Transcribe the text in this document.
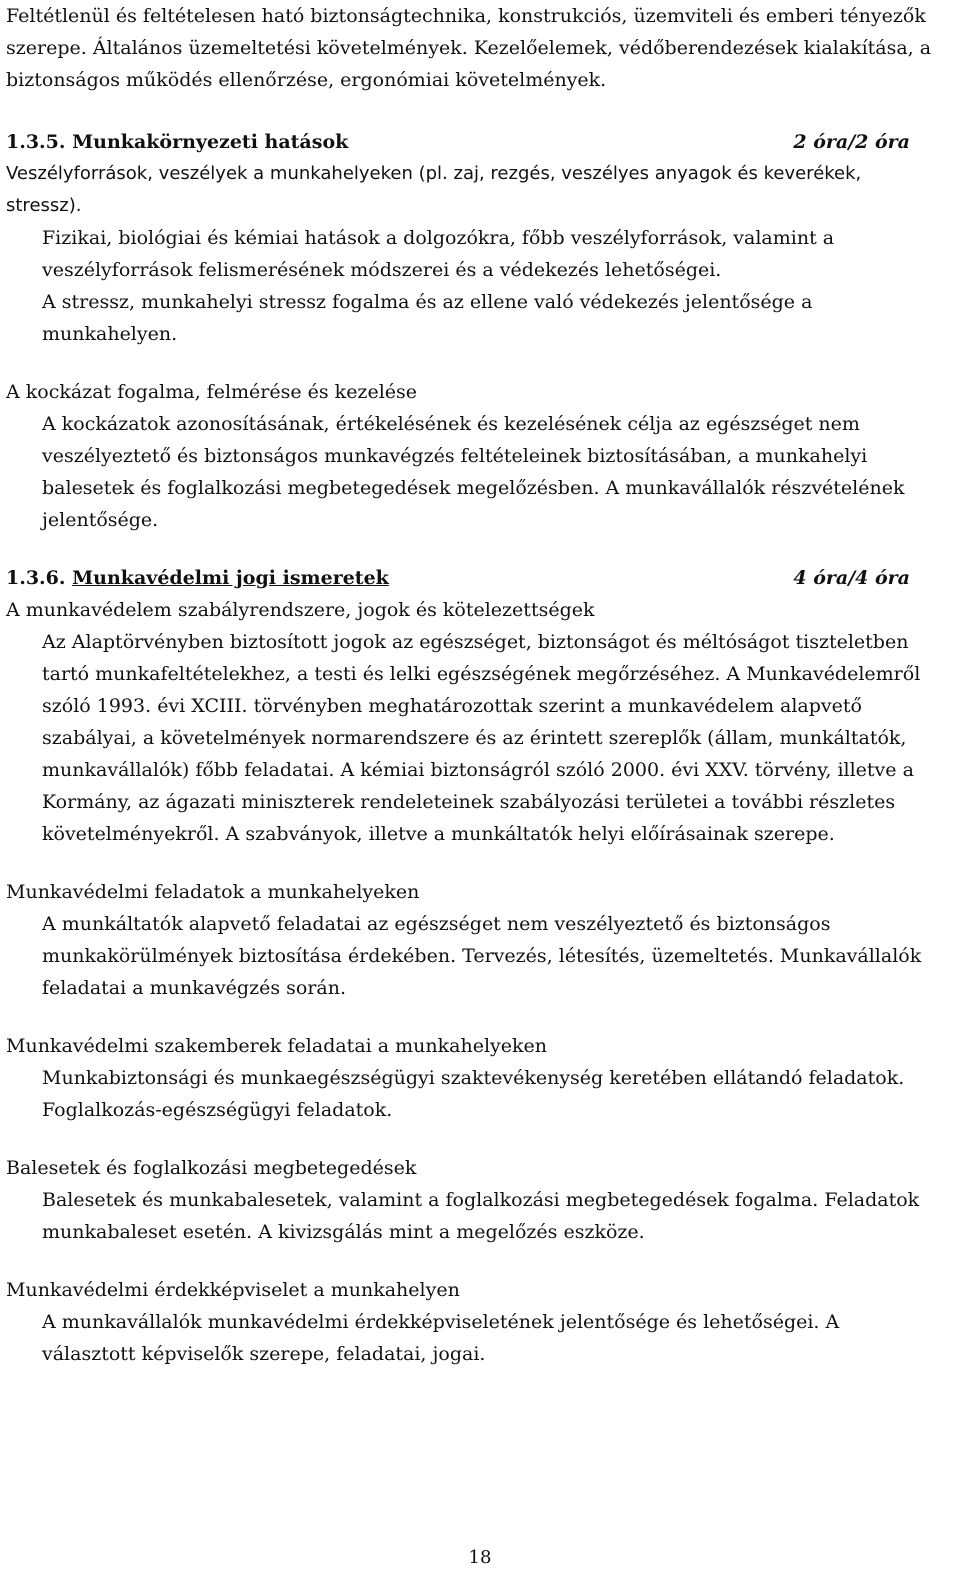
Feltétlenül és feltételesen ható biztonságtechnika, konstrukciós, üzemviteli és emberi tényezők szerepe. Általános üzemeltetési követelmények. Kezelőelemek, védőberendezések kialakítása, a biztonságos működés ellenőrzése, ergonómiai követelmények.

1.3.5. Munkakörnyezeti hatások	2 óra/2 óra

Veszélyforrások, veszélyek a munkahelyeken (pl. zaj, rezgés, veszélyes anyagok és keverékek, stressz).

Fizikai, biológiai és kémiai hatások a dolgozókra, főbb veszélyforrások, valamint a veszélyforrások felismerésének módszerei és a védekezés lehetőségei.

A stressz, munkahelyi stressz fogalma és az ellene való védekezés jelentősége a munkahelyen.

A kockázat fogalma, felmérése és kezelése

A kockázatok azonosításának, értékelésének és kezelésének célja az egészséget nem veszélyeztető és biztonságos munkavégzés feltételeinek biztosításában, a munkahelyi balesetek és foglalkozási megbetegedések megelőzésben. A munkavállalók részvételének jelentősége.

1.3.6. Munkavédelmi jogi ismeretek	4 óra/4 óra

A munkavédelem szabályrendszere, jogok és kötelezettségek

Az Alaptörvényben biztosított jogok az egészséget, biztonságot és méltóságot tiszteletben tartó munkafeltételekhez, a testi és lelki egészségének megőrzéséhez. A Munkavédelemről szóló 1993. évi XCIII. törvényben meghatározottak szerint a munkavédelem alapvető szabályai, a követelmények normarendszere és az érintett szereplők (állam, munkáltatók, munkavállalók) főbb feladatai. A kémiai biztonságról szóló 2000. évi XXV. törvény, illetve a Kormány, az ágazati miniszterek rendeleteinek szabályozási területei a további részletes követelményekről. A szabványok, illetve a munkáltatók helyi előírásainak szerepe.

Munkavédelmi feladatok a munkahelyeken

A munkáltatók alapvető feladatai az egészséget nem veszélyeztető és biztonságos munkakörülmények biztosítása érdekében. Tervezés, létesítés, üzemeltetés. Munkavállalók feladatai a munkavégzés során.

Munkavédelmi szakemberek feladatai a munkahelyeken

Munkabiztonsági és munkaegészségügyi szaktevékenység keretében ellátandó feladatok. Foglalkozás-egészségügyi feladatok.

Balesetek és foglalkozási megbetegedések

Balesetek és munkabalesetek, valamint a foglalkozási megbetegedések fogalma. Feladatok munkabaleset esetén. A kivizsgálás mint a megelőzés eszköze.

Munkavédelmi érdekképviselet a munkahelyen

A munkavállalók munkavédelmi érdekképviseletének jelentősége és lehetőségei. A választott képviselők szerepe, feladatai, jogai.

18
